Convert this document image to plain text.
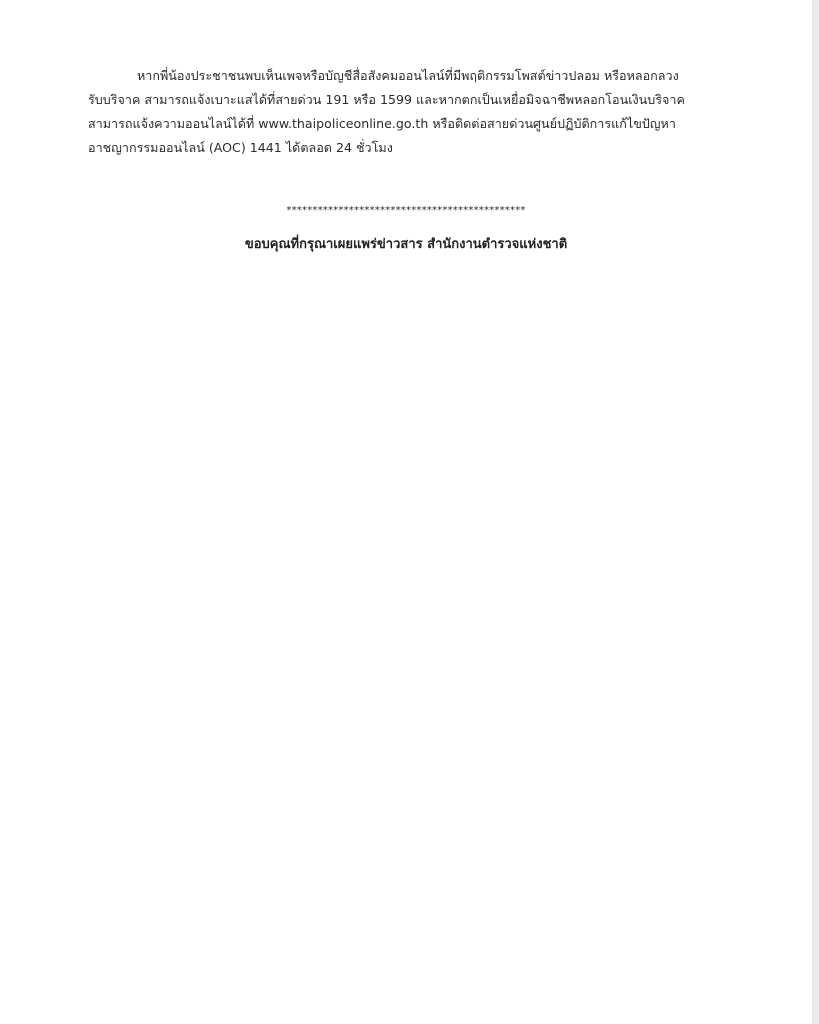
หากพี่น้องประชาชนพบเห็นเพจหรือบัญชีสื่อสังคมออนไลน์ที่มีพฤติกรรมโพสต์ข่าวปลอม หรือหลอกลวง
รับบริจาค สามารถแจ้งเบาะแสได้ที่สายด่วน 191 หรือ 1599 และหากตกเป็นเหยื่อมิจฉาชีพหลอกโอนเงินบริจาค
สามารถแจ้งความออนไลน์ได้ที่ www.thaipoliceonline.go.th หรือติดต่อสายด่วนศูนย์ปฏิบัติการแก้ไขปัญหา
อาชญากรรมออนไลน์ (AOC) 1441 ได้ตลอด 24 ชั่วโมง
**********************************************
ขอบคุณที่กรุณาเผยแพร่ข่าวสาร สำนักงานตำรวจแห่งชาติ
